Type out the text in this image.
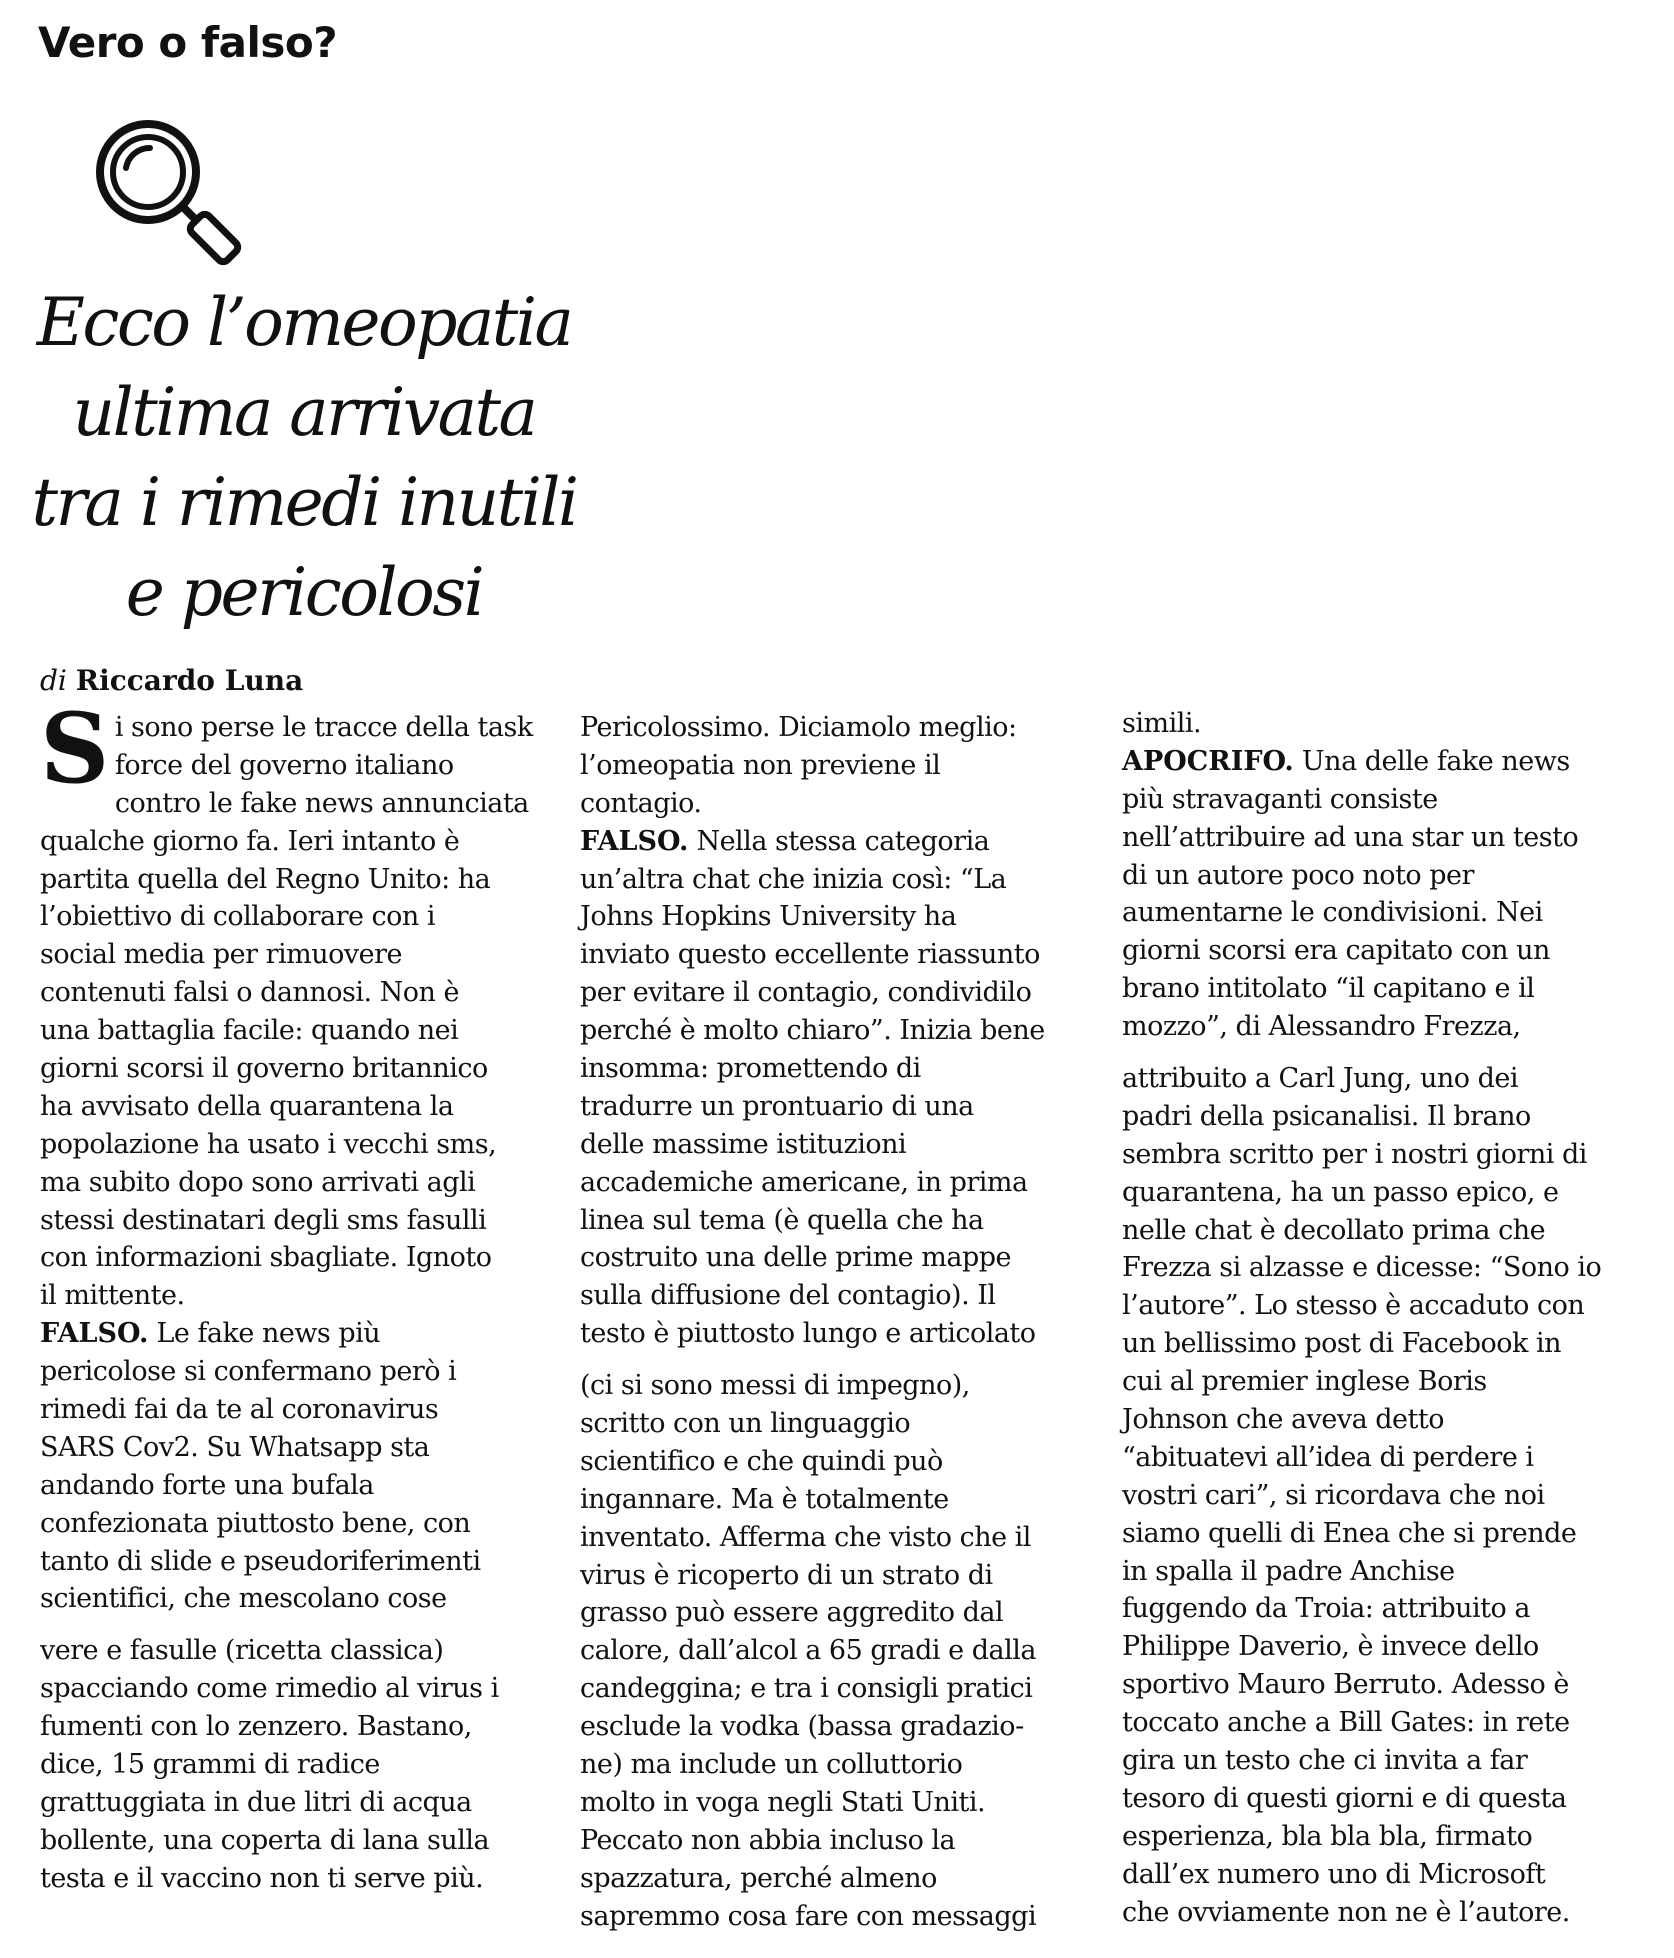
Vero o falso?
Ecco l’omeopatia
ultima arrivata
tra i rimedi inutili
e pericolosi

di Riccardo Luna

S i sono perse le tracce della task
force del governo italiano
contro le fake news annunciata
qualche giorno fa. Ieri intanto è
partita quella del Regno Unito: ha
l’obiettivo di collaborare con i
social media per rimuovere
contenuti falsi o dannosi. Non è
una battaglia facile: quando nei
giorni scorsi il governo britannico
ha avvisato della quarantena la
popolazione ha usato i vecchi sms,
ma subito dopo sono arrivati agli
stessi destinatari degli sms fasulli
con informazioni sbagliate. Ignoto
il mittente.
FALSO. Le fake news più
pericolose si confermano però i
rimedi fai da te al coronavirus
SARS Cov2. Su Whatsapp sta
andando forte una bufala
confezionata piuttosto bene, con
tanto di slide e pseudoriferimenti
scientifici, che mescolano cose
vere e fasulle (ricetta classica)
spacciando come rimedio al virus i
fumenti con lo zenzero. Bastano,
dice, 15 grammi di radice
grattuggiata in due litri di acqua
bollente, una coperta di lana sulla
testa e il vaccino non ti serve più.
Pericolossimo. Diciamolo meglio:
l’omeopatia non previene il
contagio.
FALSO. Nella stessa categoria
un’altra chat che inizia così: “La
Johns Hopkins University ha
inviato questo eccellente riassunto
per evitare il contagio, condividilo
perché è molto chiaro”. Inizia bene
insomma: promettendo di
tradurre un prontuario di una
delle massime istituzioni
accademiche americane, in prima
linea sul tema (è quella che ha
costruito una delle prime mappe
sulla diffusione del contagio). Il
testo è piuttosto lungo e articolato
(ci si sono messi di impegno),
scritto con un linguaggio
scientifico e che quindi può
ingannare. Ma è totalmente
inventato. Afferma che visto che il
virus è ricoperto di un strato di
grasso può essere aggredito dal
calore, dall’alcol a 65 gradi e dalla
candeggina; e tra i consigli pratici
esclude la vodka (bassa gradazio-
ne) ma include un colluttorio
molto in voga negli Stati Uniti.
Peccato non abbia incluso la
spazzatura, perché almeno
sapremmo cosa fare con messaggi
simili.
APOCRIFO. Una delle fake news
più stravaganti consiste
nell’attribuire ad una star un testo
di un autore poco noto per
aumentarne le condivisioni. Nei
giorni scorsi era capitato con un
brano intitolato “il capitano e il
mozzo”, di Alessandro Frezza,
attribuito a Carl Jung, uno dei
padri della psicanalisi. Il brano
sembra scritto per i nostri giorni di
quarantena, ha un passo epico, e
nelle chat è decollato prima che
Frezza si alzasse e dicesse: “Sono io
l’autore”. Lo stesso è accaduto con
un bellissimo post di Facebook in
cui al premier inglese Boris
Johnson che aveva detto
“abituatevi all’idea di perdere i
vostri cari”, si ricordava che noi
siamo quelli di Enea che si prende
in spalla il padre Anchise
fuggendo da Troia: attribuito a
Philippe Daverio, è invece dello
sportivo Mauro Berruto. Adesso è
toccato anche a Bill Gates: in rete
gira un testo che ci invita a far
tesoro di questi giorni e di questa
esperienza, bla bla bla, firmato
dall’ex numero uno di Microsoft
che ovviamente non ne è l’autore.
